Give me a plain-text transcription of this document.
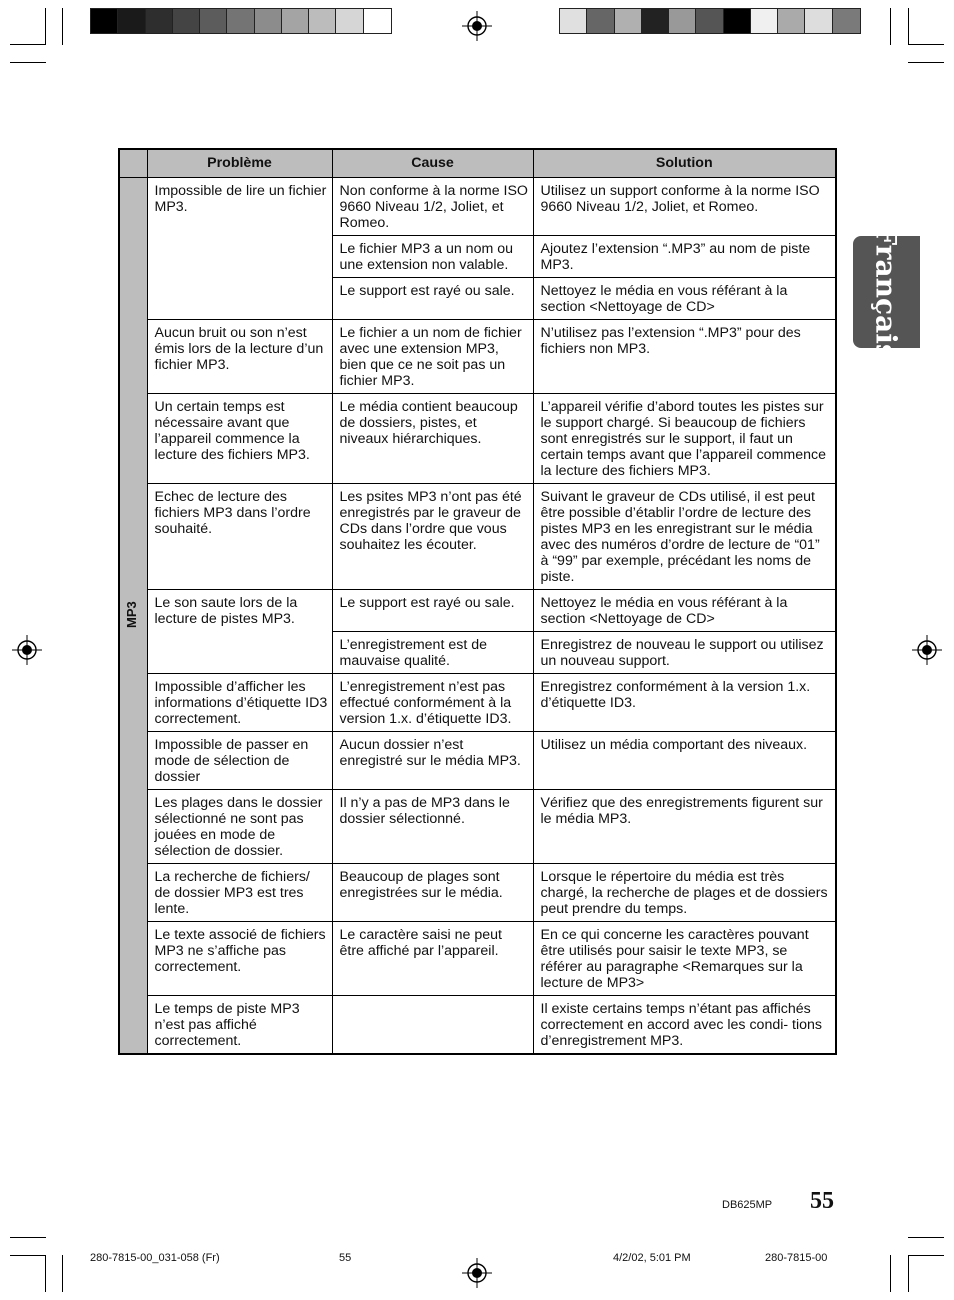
Français
	Problème	Cause	Solution

MP3	Impossible de lire un fichier MP3.	Non conforme à la norme ISO 9660 Niveau 1/2, Joliet, et Romeo.	Utilisez un support conforme à la norme ISO 9660 Niveau 1/2, Joliet, et Romeo.
		Le fichier MP3 a un nom ou une extension non valable.	Ajoutez l’extension “.MP3” au nom de piste MP3.
		Le support est rayé ou sale.	Nettoyez le média en vous référant à la section <Nettoyage de CD>
	Aucun bruit ou son n’est émis lors de la lecture d’un fichier MP3.	Le fichier a un nom de fichier avec une extension MP3, bien que ce ne soit pas un fichier MP3.	N’utilisez pas l’extension “.MP3” pour des fichiers non MP3.
	Un certain temps est nécessaire avant que l’appareil commence la lecture des fichiers MP3.	Le média contient beaucoup de dossiers, pistes, et niveaux hiérarchiques.	L’appareil vérifie d’abord toutes les pistes sur le support chargé. Si beaucoup de fichiers sont enregistrés sur le support, il faut un certain temps avant que l’appareil commence la lecture des fichiers MP3.
	Echec de lecture des fichiers MP3 dans l’ordre souhaité.	Les psites MP3 n’ont pas été enregistrés par le graveur de CDs dans l’ordre que vous souhaitez les écouter.	Suivant le graveur de CDs utilisé, il est peut être possible d’établir l’ordre de lecture des pistes MP3 en les enregistrant sur le média avec des numéros d’ordre de lecture de “01” à “99” par exemple, précédant les noms de piste.
	Le son saute lors de la lecture de pistes MP3.	Le support est rayé ou sale.	Nettoyez le média en vous référant à la section <Nettoyage de CD>
		L’enregistrement est de mauvaise qualité.	Enregistrez de nouveau le support ou utilisez un nouveau support.
	Impossible d’afficher les informations d’étiquette ID3 correctement.	L’enregistrement n’est pas effectué conformément à la version 1.x. d’étiquette ID3.	Enregistrez conformément à la version 1.x. d’étiquette ID3.
	Impossible de passer en mode de sélection de dossier	Aucun dossier n’est enregistré sur le média MP3.	Utilisez un média comportant des niveaux.
	Les plages dans le dossier sélectionné ne sont pas jouées en mode de sélection de dossier.	Il n’y a pas de MP3 dans le dossier sélectionné.	Vérifiez que des enregistrements figurent sur le média MP3.
	La recherche de fichiers/ de dossier MP3 est tres lente.	Beaucoup de plages sont enregistrées sur le média.	Lorsque le répertoire du média est très chargé, la recherche de plages et de dossiers peut prendre du temps.
	Le texte associé de fichiers MP3 ne s’affiche pas correctement.	Le caractère saisi ne peut être affiché par l’appareil.	En ce qui concerne les caractères pouvant être utilisés pour saisir le texte MP3, se référer au paragraphe <Remarques sur la lecture de MP3>
	Le temps de piste MP3 n’est pas affiché correctement.		Il existe certains temps n’étant pas affichés correctement en accord avec les condi- tions d’enregistrement MP3.
DB625MP 55
280-7815-00_031-058 (Fr)	55	4/2/02, 5:01 PM	280-7815-00
